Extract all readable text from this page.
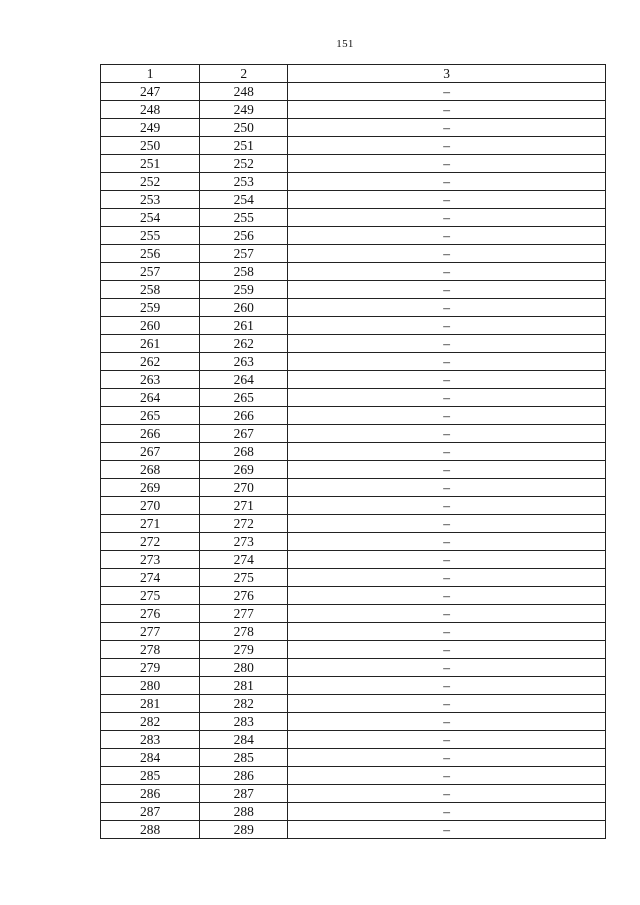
151
1	2	3
247	248	–
248	249	–
249	250	–
250	251	–
251	252	–
252	253	–
253	254	–
254	255	–
255	256	–
256	257	–
257	258	–
258	259	–
259	260	–
260	261	–
261	262	–
262	263	–
263	264	–
264	265	–
265	266	–
266	267	–
267	268	–
268	269	–
269	270	–
270	271	–
271	272	–
272	273	–
273	274	–
274	275	–
275	276	–
276	277	–
277	278	–
278	279	–
279	280	–
280	281	–
281	282	–
282	283	–
283	284	–
284	285	–
285	286	–
286	287	–
287	288	–
288	289	–
